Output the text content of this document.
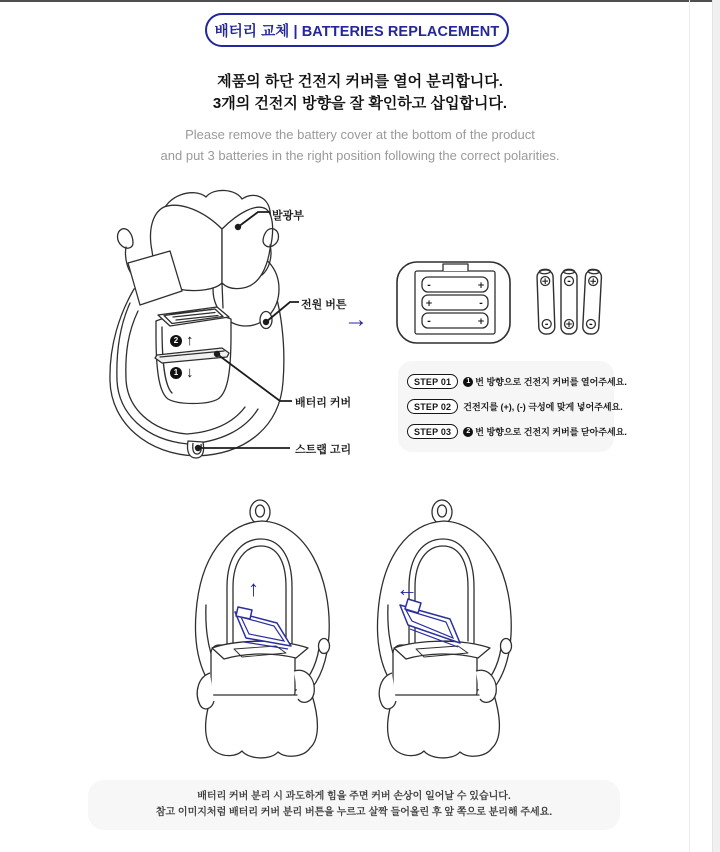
배터리 교체 | BATTERIES REPLACEMENT
제품의 하단 건전지 커버를 열어 분리합니다.
3개의 건전지 방향을 잘 확인하고 삽입합니다.
Please remove the battery cover at the bottom of the product
and put 3 batteries in the right position following the correct polarities.
2 ↑
1 ↓
발광부
전원 버튼
배터리 커버
스트랩 고리
→
-	+
+	-
-	+
+
-
-
+
+
-
STEP 01	1 번 방향으로 건전지 커버를 열어주세요.
STEP 02	건전지를 (+), (-) 극성에 맞게 넣어주세요.
STEP 03	2 번 방향으로 건전지 커버를 닫아주세요.
↑	←
배터리 커버 분리 시 과도하게 힘을 주면 커버 손상이 일어날 수 있습니다.
참고 이미지처럼 배터리 커버 분리 버튼을 누르고 살짝 들어올린 후 앞 쪽으로 분리해 주세요.
